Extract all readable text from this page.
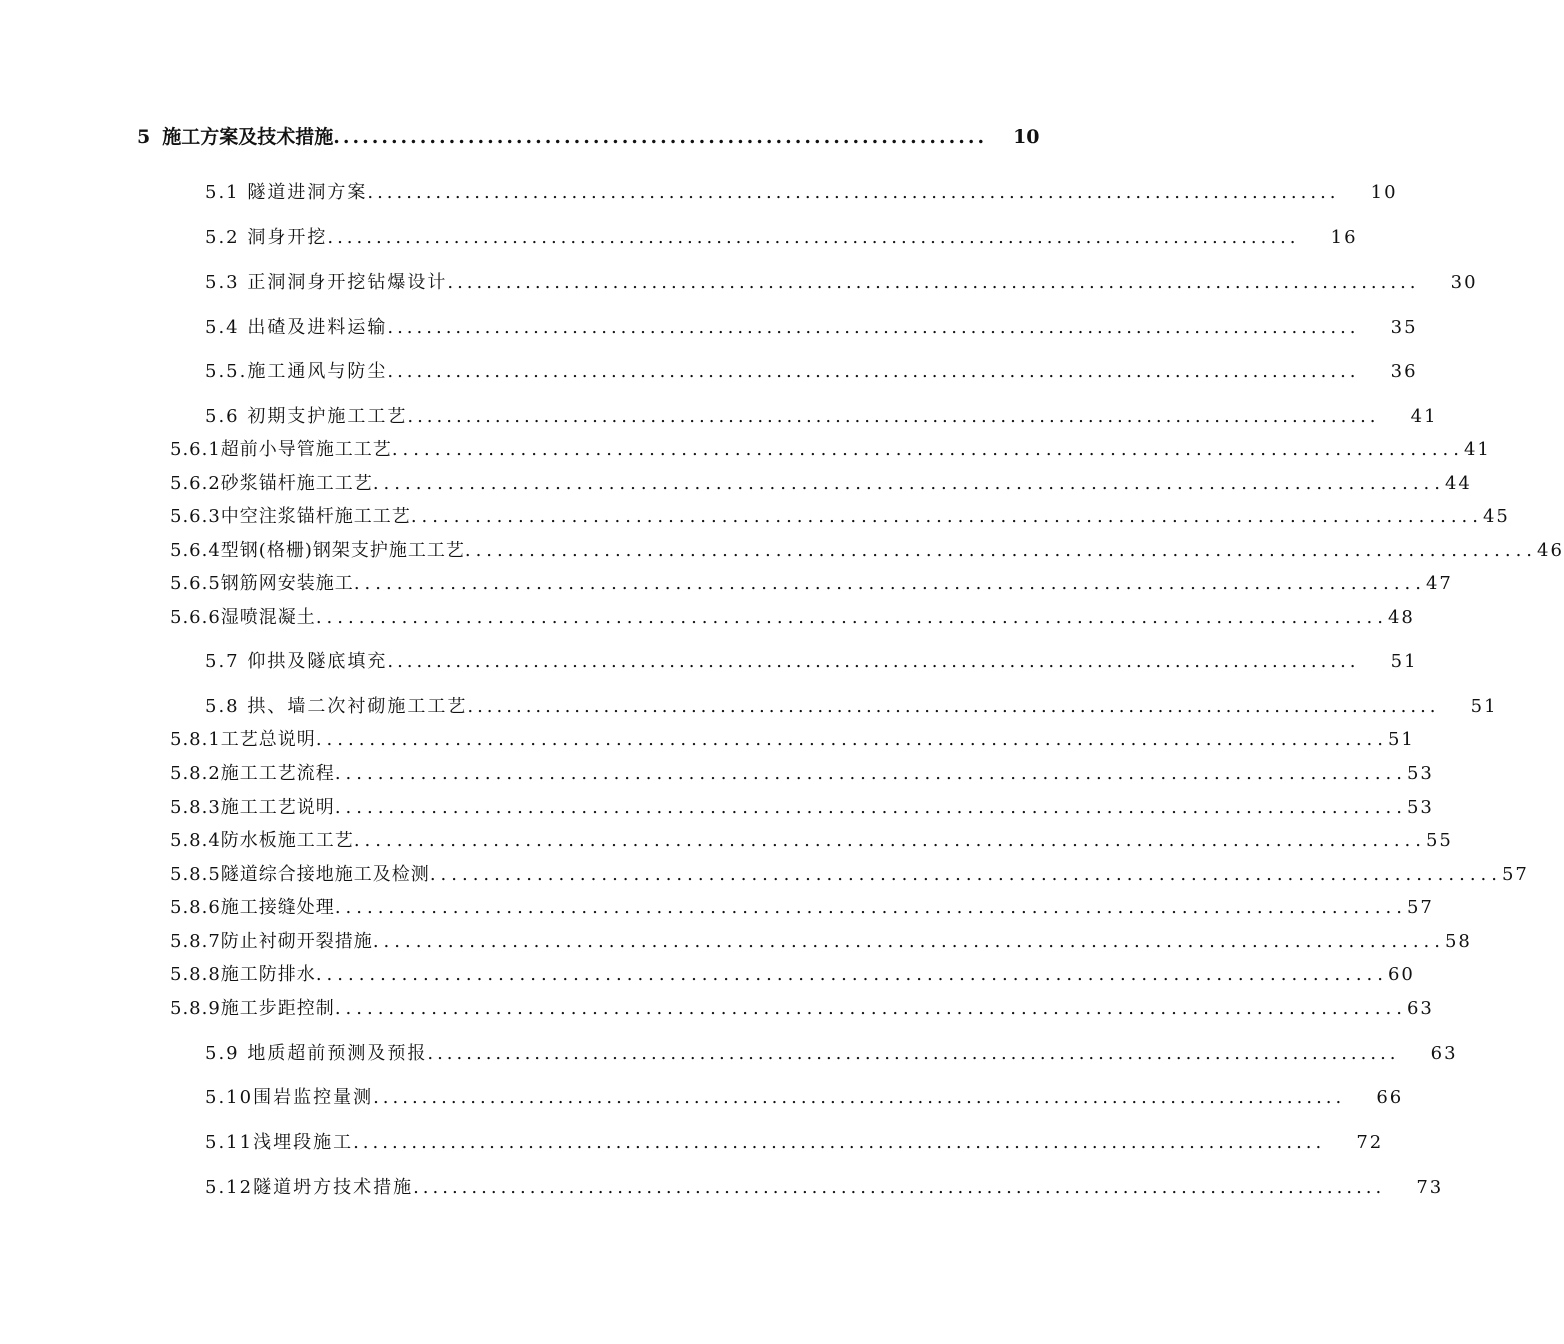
5 施工方案及技术措施 .................................................................... 10
5.1 隧道进洞方案 ....................................................................................................	10
5.2 洞身开挖 ....................................................................................................	16
5.3 正洞洞身开挖钻爆设计 ....................................................................................................	30
5.4 出碴及进料运输 ....................................................................................................	35
5.5.施工通风与防尘 ....................................................................................................	36
5.6 初期支护施工工艺 ....................................................................................................	41
5.6.1超前小导管施工工艺 .................................................................................................... 41
5.6.2砂浆锚杆施工工艺 .................................................................................................... 44
5.6.3中空注浆锚杆施工工艺 .................................................................................................... 45
5.6.4型钢(格栅)钢架支护施工工艺 .................................................................................................... 46
5.6.5钢筋网安装施工 .................................................................................................... 47
5.6.6湿喷混凝土 .................................................................................................... 48
5.7 仰拱及隧底填充 ....................................................................................................	51
5.8 拱、墙二次衬砌施工工艺 ....................................................................................................	51
5.8.1工艺总说明 .................................................................................................... 51
5.8.2施工工艺流程 .................................................................................................... 53
5.8.3施工工艺说明 .................................................................................................... 53
5.8.4防水板施工工艺 .................................................................................................... 55
5.8.5隧道综合接地施工及检测 .................................................................................................... 57
5.8.6施工接缝处理 .................................................................................................... 57
5.8.7防止衬砌开裂措施 .................................................................................................... 58
5.8.8施工防排水 .................................................................................................... 60
5.8.9施工步距控制 .................................................................................................... 63
5.9 地质超前预测及预报 ....................................................................................................	63
5.10围岩监控量测 ....................................................................................................	66
5.11浅埋段施工 ....................................................................................................	72
5.12隧道坍方技术措施 ....................................................................................................	73
